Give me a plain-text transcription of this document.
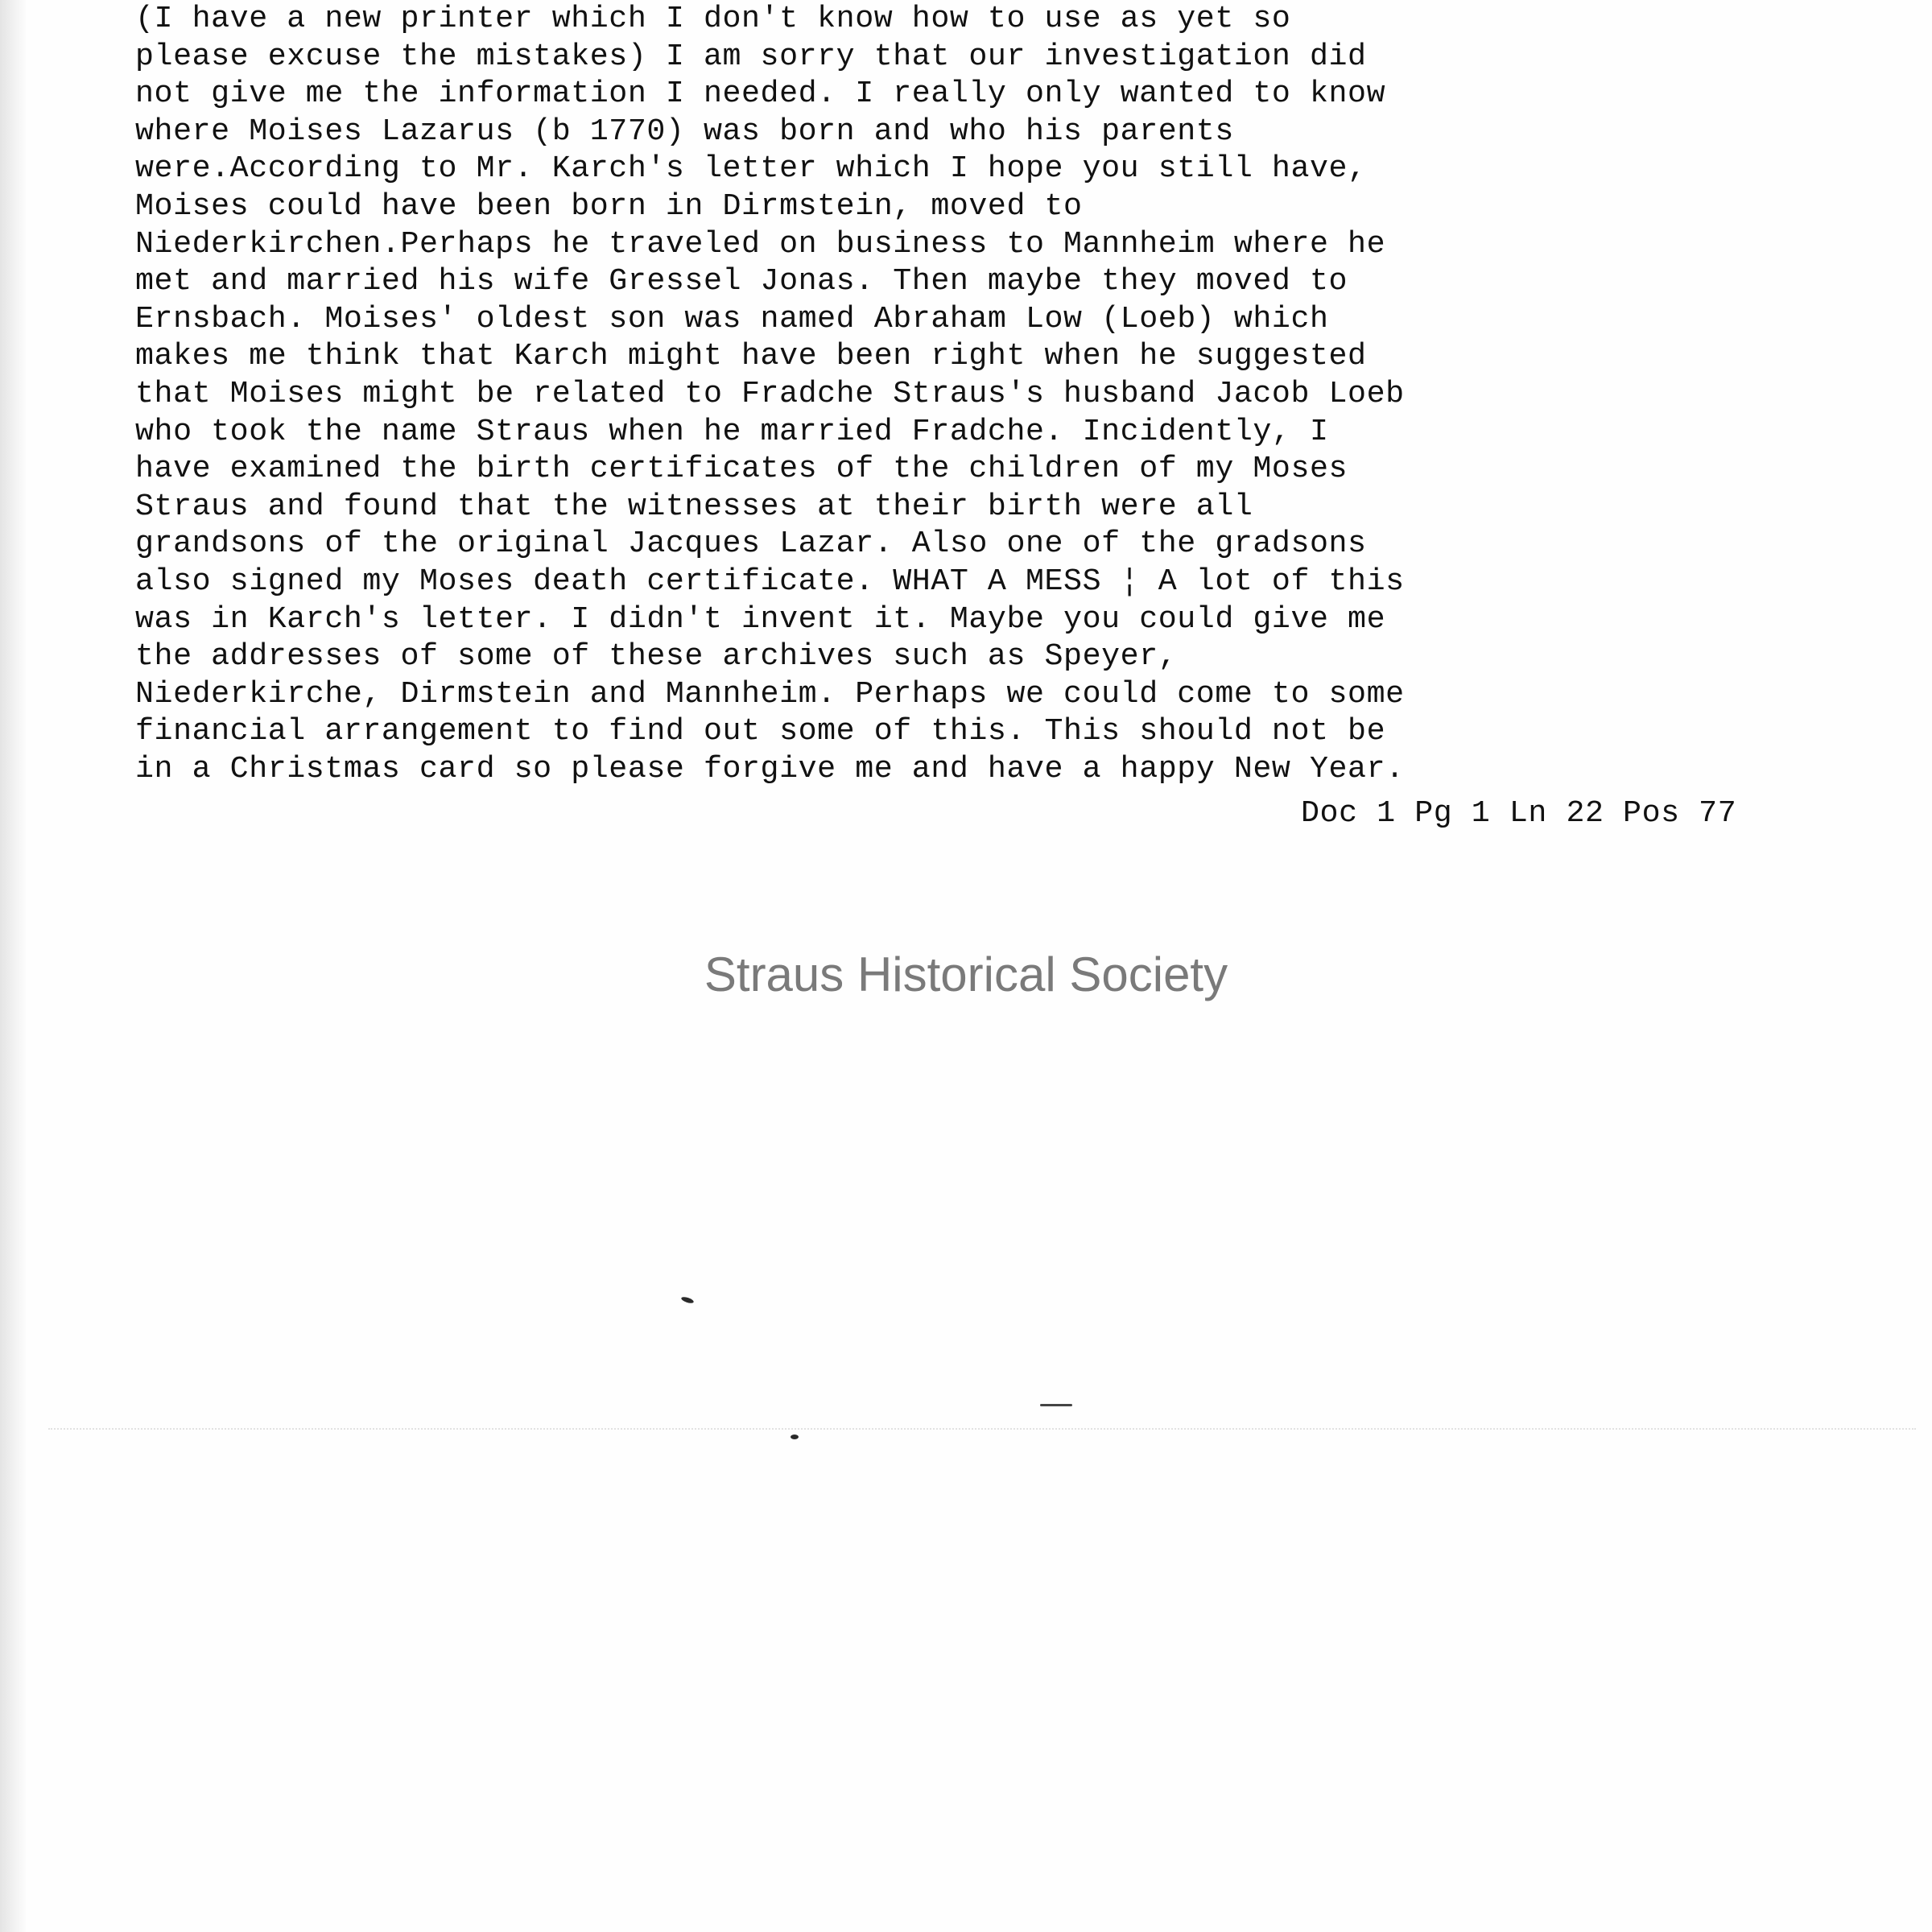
(I have a new printer which I don't know how to use as yet so
please excuse the mistakes) I am sorry that our investigation did
not give me the information I needed. I really only wanted to know
where Moises Lazarus (b 1770) was born and who his parents
were.According to Mr. Karch's letter which I hope you still have,
Moises could have been born in Dirmstein, moved to
Niederkirchen.Perhaps he traveled on business to Mannheim where he
met and married his wife Gressel Jonas. Then maybe they moved to
Ernsbach. Moises' oldest son was named Abraham Low (Loeb) which
makes me think that Karch might have been right when he suggested
that Moises might be related to Fradche Straus's husband Jacob Loeb
who took the name Straus when he married Fradche. Incidently, I
have examined the birth certificates of the children of my Moses
Straus and found that the witnesses at their birth were all
grandsons of the original Jacques Lazar. Also one of the gradsons
also signed my Moses death certificate. WHAT A MESS ¦ A lot of this
was in Karch's letter. I didn't invent it. Maybe you could give me
the addresses of some of these archives such as Speyer,
Niederkirche, Dirmstein and Mannheim. Perhaps we could come to some
financial arrangement to find out some of this. This should not be
in a Christmas card so please forgive me and have a happy New Year.
Doc 1 Pg 1 Ln 22 Pos 77
Straus Historical Society
